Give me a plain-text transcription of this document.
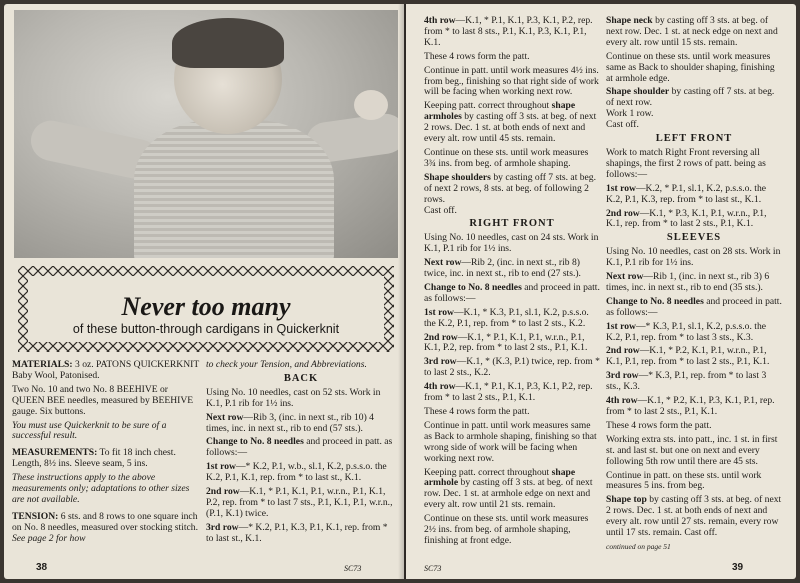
Never too many
of these button-through cardigans in Quickerknit

MATERIALS: 3 oz. PATONS QUICKERKNIT Baby Wool, Patonised.

Two No. 10 and two No. 8 BEEHIVE or QUEEN BEE needles, measured by BEEHIVE gauge. Six buttons.

You must use Quickerknit to be sure of a successful result.

MEASUREMENTS: To fit 18 inch chest. Length, 8½ ins. Sleeve seam, 5 ins.

These instructions apply to the above measurements only; adaptations to other sizes are not available.

TENSION: 6 sts. and 8 rows to one square inch on No. 8 needles, measured over stocking stitch. See page 2 for how

to check your Tension, and Abbreviations.

BACK

Using No. 10 needles, cast on 52 sts. Work in K.1, P.1 rib for 1½ ins.

Next row—Rib 3, (inc. in next st., rib 10) 4 times, inc. in next st., rib to end (57 sts.).

Change to No. 8 needles and proceed in patt. as follows:—

1st row—* K.2, P.1, w.b., sl.1, K.2, p.s.s.o. the K.2, P.1, K.1, rep. from * to last st., K.1.

2nd row—K.1, * P.1, K.1, P.1, w.r.n., P.1, K.1, P.2, rep. from * to last 7 sts., P.1, K.1, P.1, w.r.n., (P.1, K.1) twice.

3rd row—* K.2, P.1, K.3, P.1, K.1, rep. from * to last st., K.1.

38	SC73

4th row—K.1, * P.1, K.1, P.3, K.1, P.2, rep. from * to last 8 sts., P.1, K.1, P.3, K.1, P.1, K.1.

These 4 rows form the patt.

Continue in patt. until work measures 4½ ins. from beg., finishing so that right side of work will be facing when working next row.

Keeping patt. correct throughout shape armholes by casting off 3 sts. at beg. of next 2 rows. Dec. 1 st. at both ends of next and every alt. row until 45 sts. remain.

Continue on these sts. until work measures 3¾ ins. from beg. of armhole shaping.

Shape shoulders by casting off 7 sts. at beg. of next 2 rows, 8 sts. at beg. of following 2 rows.
Cast off.

RIGHT FRONT

Using No. 10 needles, cast on 24 sts. Work in K.1, P.1 rib for 1½ ins.

Next row—Rib 2, (inc. in next st., rib 8) twice, inc. in next st., rib to end (27 sts.).

Change to No. 8 needles and proceed in patt. as follows:—

1st row—K.1, * K.3, P.1, sl.1, K.2, p.s.s.o. the K.2, P.1, rep. from * to last 2 sts., K.2.

2nd row—K.1, * P.1, K.1, P.1, w.r.n., P.1, K.1, P.2, rep. from * to last 2 sts., P.1, K.1.

3rd row—K.1, * (K.3, P.1) twice, rep. from * to last 2 sts., K.2.

4th row—K.1, * P.1, K.1, P.3, K.1, P.2, rep. from * to last 2 sts., P.1, K.1.

These 4 rows form the patt.

Continue in patt. until work measures same as Back to armhole shaping, finishing so that wrong side of work will be facing when working next row.

Keeping patt. correct throughout shape armhole by casting off 3 sts. at beg. of next row. Dec. 1 st. at armhole edge on next and every alt. row until 21 sts. remain.

Continue on these sts. until work measures 2½ ins. from beg. of armhole shaping, finishing at front edge.

Shape neck by casting off 3 sts. at beg. of next row. Dec. 1 st. at neck edge on next and every alt. row until 15 sts. remain.

Continue on these sts. until work measures same as Back to shoulder shaping, finishing at armhole edge.

Shape shoulder by casting off 7 sts. at beg. of next row.
Work 1 row.
Cast off.

LEFT FRONT

Work to match Right Front reversing all shapings, the first 2 rows of patt. being as follows:—

1st row—K.2, * P.1, sl.1, K.2, p.s.s.o. the K.2, P.1, K.3, rep. from * to last st., K.1.

2nd row—K.1, * P.3, K.1, P.1, w.r.n., P.1, K.1, rep. from * to last 2 sts., P.1, K.1.

SLEEVES

Using No. 10 needles, cast on 28 sts. Work in K.1, P.1 rib for 1½ ins.

Next row—Rib 1, (inc. in next st., rib 3) 6 times, inc. in next st., rib to end (35 sts.).

Change to No. 8 needles and proceed in patt. as follows:—

1st row—* K.3, P.1, sl.1, K.2, p.s.s.o. the K.2, P.1, rep. from * to last 3 sts., K.3.

2nd row—K.1, * P.2, K.1, P.1, w.r.n., P.1, K.1, P.1, rep. from * to last 2 sts., P.1, K.1.

3rd row—* K.3, P.1, rep. from * to last 3 sts., K.3.

4th row—K.1, * P.2, K.1, P.3, K.1, P.1, rep. from * to last 2 sts., P.1, K.1.

These 4 rows form the patt.

Working extra sts. into patt., inc. 1 st. in first st. and last st. but one on next and every following 5th row until there are 45 sts.

Continue in patt. on these sts. until work measures 5 ins. from beg.

Shape top by casting off 3 sts. at beg. of next 2 rows. Dec. 1 st. at both ends of next and every alt. row until 27 sts. remain, every row until 17 sts. remain. Cast off.

continued on page 51

SC73	39
